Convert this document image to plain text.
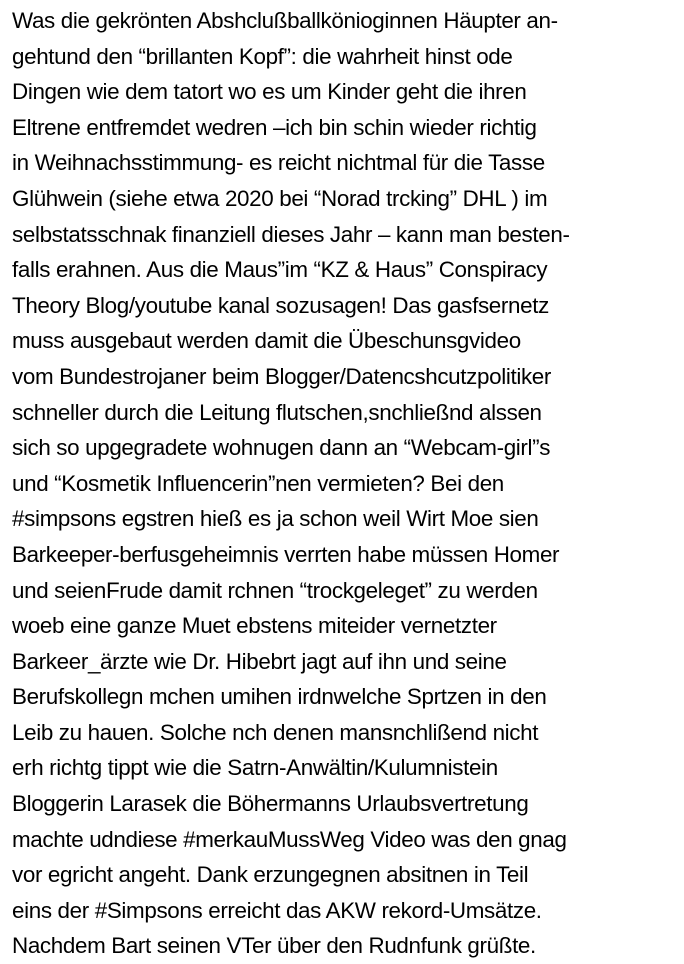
Was die gekrönten Abshclußballkönioginnen Häupter an-
gehtund den “brillanten Kopf”: die wahrheit hinst ode
Dingen wie dem tatort wo es um Kinder geht die ihren
Eltrene entfremdet wedren –ich bin schin wieder richtig
in Weihnachsstimmung- es reicht nichtmal für die Tasse
Glühwein (siehe etwa 2020 bei “Norad trcking” DHL ) im
selbstatsschnak finanziell dieses Jahr – kann man besten-
falls erahnen. Aus die Maus”im “KZ & Haus” Conspiracy
Theory Blog/youtube kanal sozusagen! Das gasfsernetz
muss ausgebaut werden damit die Übeschunsgvideo
vom Bundestrojaner beim Blogger/Datencshcutzpolitiker
schneller durch die Leitung flutschen,snchließnd alssen
sich so upgegradete wohnugen dann an “Webcam-girl”s
und “Kosmetik Influencerin”nen vermieten? Bei den
#simpsons egstren hieß es ja schon weil Wirt Moe sien
Barkeeper-berfusgeheimnis verrten habe müssen Homer
und seienFrude damit rchnen “trockgeleget” zu werden
woeb eine ganze Muet ebstens miteider vernetzter
Barkeer_ärzte wie Dr. Hibebrt jagt auf ihn und seine
Berufskollegn mchen umihen irdnwelche Sprtzen in den
Leib zu hauen. Solche nch denen mansnchlißend nicht
erh richtg tippt wie die Satrn-Anwältin/Kulumnistein
Bloggerin Larasek die Böhermanns Urlaubsvertretung
machte udndiese #merkauMussWeg Video was den gnag
vor egricht angeht. Dank erzungegnen absitnen in Teil
eins der #Simpsons erreicht das AKW rekord-Umsätze.
Nachdem Bart seinen VTer über den Rudnfunk grüßte.
